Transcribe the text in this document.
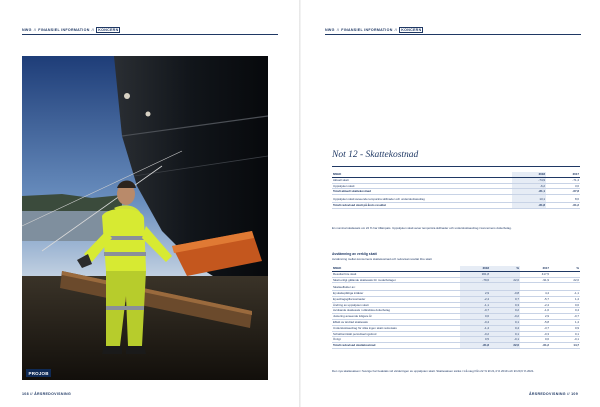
NWG // FINANSIEL INFORMATION // KONCERN	NWG // FINANSIEL INFORMATION // KONCERN
PROJOB
Not 12 - Skattekostnad
MSEK	2018	2017
Aktuell skatt	-74,9	-71,4
Uppskjuten skatt	-6,2	3,6
Totalt aktuell skattekostnad	-81,1	-67,8

Uppskjuten skatt avseende temporära skillnader och underskottsavdrag	13,1	8,6
Totalt redovisad skatt på årets resultat	-81,8	-61,2
En nominal skattesats om 22 % har tillämpats. Uppskjuten skatt avser temporära skillnader och underskottsavdrag i koncernens dotterbolag.
Avstämning av verklig skatt
Avstämning mellan koncernens skattekostnad och redovisat resultat före skatt
MSEK	2018	%	2017	%
Resultat före skatt	361,8		417,5	
Skatt enligt gällande skattesats för moderbolaget	-79,6	22,0	-91,9	22,0

Skatteeffekter av:				
Ej skattepliktiga intäkter	2,9	-0,8	4,4	-1,1
Ej avdragsgilla kostnader	-2,4	0,7	-5,7	1,4
Ändring av uppskjuten skatt	-1,1	0,3	-2,4	0,6
Avvikande skattesats i utländska dotterbolag	-0,7	0,2	-1,6	0,4
Justering avseende tidigare år	0,6	-0,2	2,9	-0,7
Effekt av ändrad skattesats	-0,4	0,1	-5,8	1,4
Underskottsavdrag för vilka ingen skatt redovisats	-1,4	0,4	-3,7	0,9
Schablonintäkt periodiseringsfond	-0,2	0,1	-0,3	0,1
Övrigt	0,5	-0,1	0,6	-0,1
Totalt redovisad skattekostnad	-81,8	22,6	-61,2	14,7
Den nya skattesatsen i Sverige har beaktats vid värderingen av uppskjuten skatt. Skattesatsen sänks i två steg från 22 % till 21,4 % 2019 och till 20,6 % 2021.
108 // ÅRSREDOVISNING	ÅRSREDOVISNING // 109
